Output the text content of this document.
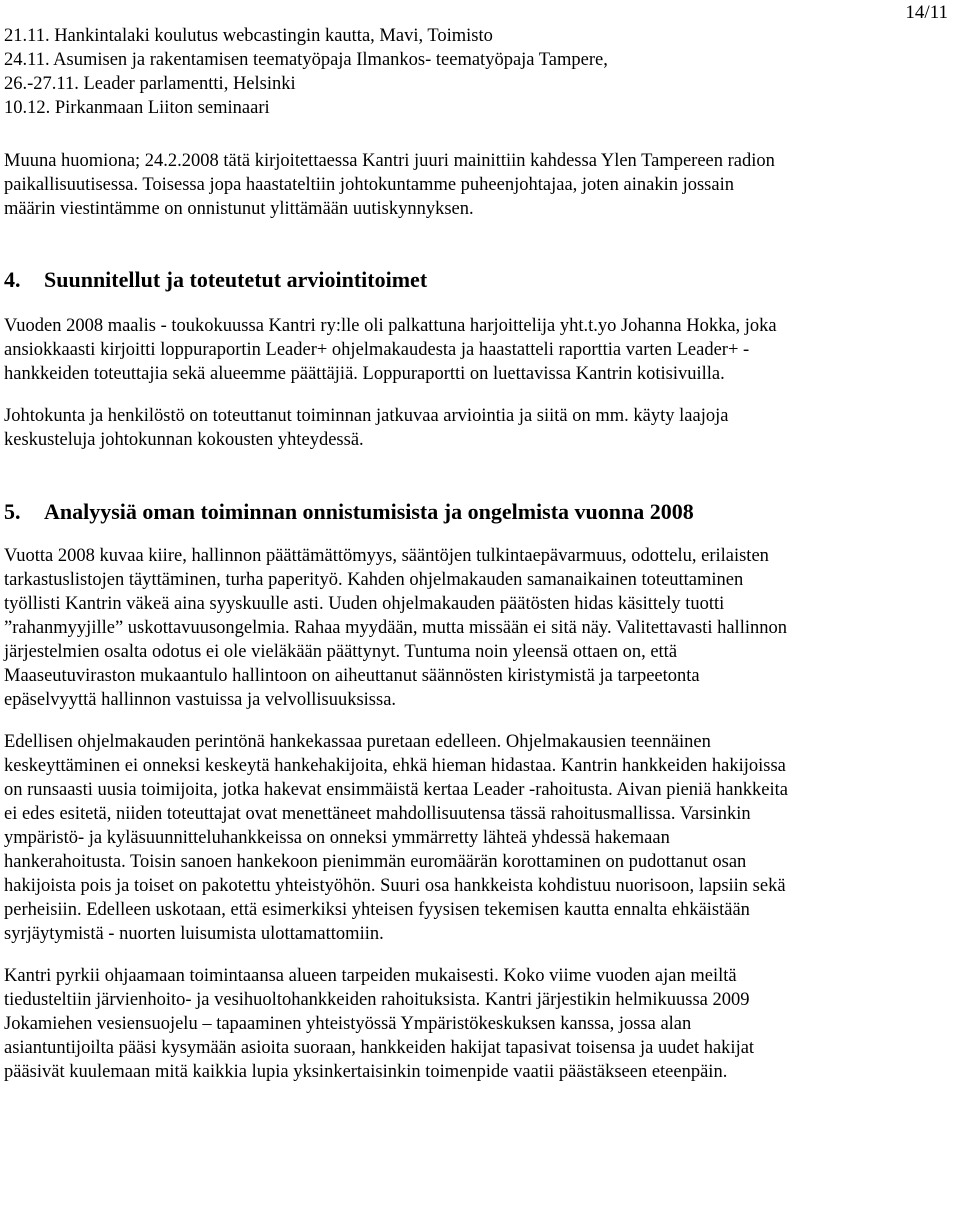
14/11
21.11. Hankintalaki koulutus webcastingin kautta, Mavi, Toimisto
24.11. Asumisen ja rakentamisen teematyöpaja Ilmankos- teematyöpaja Tampere,
26.-27.11. Leader parlamentti, Helsinki
10.12. Pirkanmaan Liiton seminaari
Muuna huomiona; 24.2.2008 tätä kirjoitettaessa Kantri juuri mainittiin kahdessa Ylen Tampereen radion
paikallisuutisessa. Toisessa jopa haastateltiin johtokuntamme puheenjohtajaa, joten ainakin jossain
määrin viestintämme on onnistunut ylittämään uutiskynnyksen.
4. Suunnitellut ja toteutetut arviointitoimet
Vuoden 2008 maalis - toukokuussa Kantri ry:lle oli palkattuna harjoittelija yht.t.yo Johanna Hokka, joka
ansiokkaasti kirjoitti loppuraportin Leader+ ohjelmakaudesta ja haastatteli raporttia varten Leader+ -
hankkeiden toteuttajia sekä alueemme päättäjiä. Loppuraportti on luettavissa Kantrin kotisivuilla.
Johtokunta ja henkilöstö on toteuttanut toiminnan jatkuvaa arviointia ja siitä on mm. käyty laajoja
keskusteluja johtokunnan kokousten yhteydessä.
5. Analyysiä oman toiminnan onnistumisista ja ongelmista vuonna 2008
Vuotta 2008 kuvaa kiire, hallinnon päättämättömyys, sääntöjen tulkintaepävarmuus, odottelu, erilaisten
tarkastuslistojen täyttäminen, turha paperityö. Kahden ohjelmakauden samanaikainen toteuttaminen
työllisti Kantrin väkeä aina syyskuulle asti. Uuden ohjelmakauden päätösten hidas käsittely tuotti
”rahanmyyjille” uskottavuusongelmia. Rahaa myydään, mutta missään ei sitä näy. Valitettavasti hallinnon
järjestelmien osalta odotus ei ole vieläkään päättynyt. Tuntuma noin yleensä ottaen on, että
Maaseutuviraston mukaantulo hallintoon on aiheuttanut säännösten kiristymistä ja tarpeetonta
epäselvyyttä hallinnon vastuissa ja velvollisuuksissa.
Edellisen ohjelmakauden perintönä hankekassaa puretaan edelleen. Ohjelmakausien teennäinen
keskeyttäminen ei onneksi keskeytä hankehakijoita, ehkä hieman hidastaa. Kantrin hankkeiden hakijoissa
on runsaasti uusia toimijoita, jotka hakevat ensimmäistä kertaa Leader -rahoitusta. Aivan pieniä hankkeita
ei edes esitetä, niiden toteuttajat ovat menettäneet mahdollisuutensa tässä rahoitusmallissa. Varsinkin
ympäristö- ja kyläsuunnitteluhankkeissa on onneksi ymmärretty lähteä yhdessä hakemaan
hankerahoitusta. Toisin sanoen hankekoon pienimmän euromäärän korottaminen on pudottanut osan
hakijoista pois ja toiset on pakotettu yhteistyöhön. Suuri osa hankkeista kohdistuu nuorisoon, lapsiin sekä
perheisiin. Edelleen uskotaan, että esimerkiksi yhteisen fyysisen tekemisen kautta ennalta ehkäistään
syrjäytymistä - nuorten luisumista ulottamattomiin.
Kantri pyrkii ohjaamaan toimintaansa alueen tarpeiden mukaisesti. Koko viime vuoden ajan meiltä
tiedusteltiin järvienhoito- ja vesihuoltohankkeiden rahoituksista. Kantri järjestikin helmikuussa 2009
Jokamiehen vesiensuojelu – tapaaminen yhteistyössä Ympäristökeskuksen kanssa, jossa alan
asiantuntijoilta pääsi kysymään asioita suoraan, hankkeiden hakijat tapasivat toisensa ja uudet hakijat
pääsivät kuulemaan mitä kaikkia lupia yksinkertaisinkin toimenpide vaatii päästäkseen eteenpäin.
